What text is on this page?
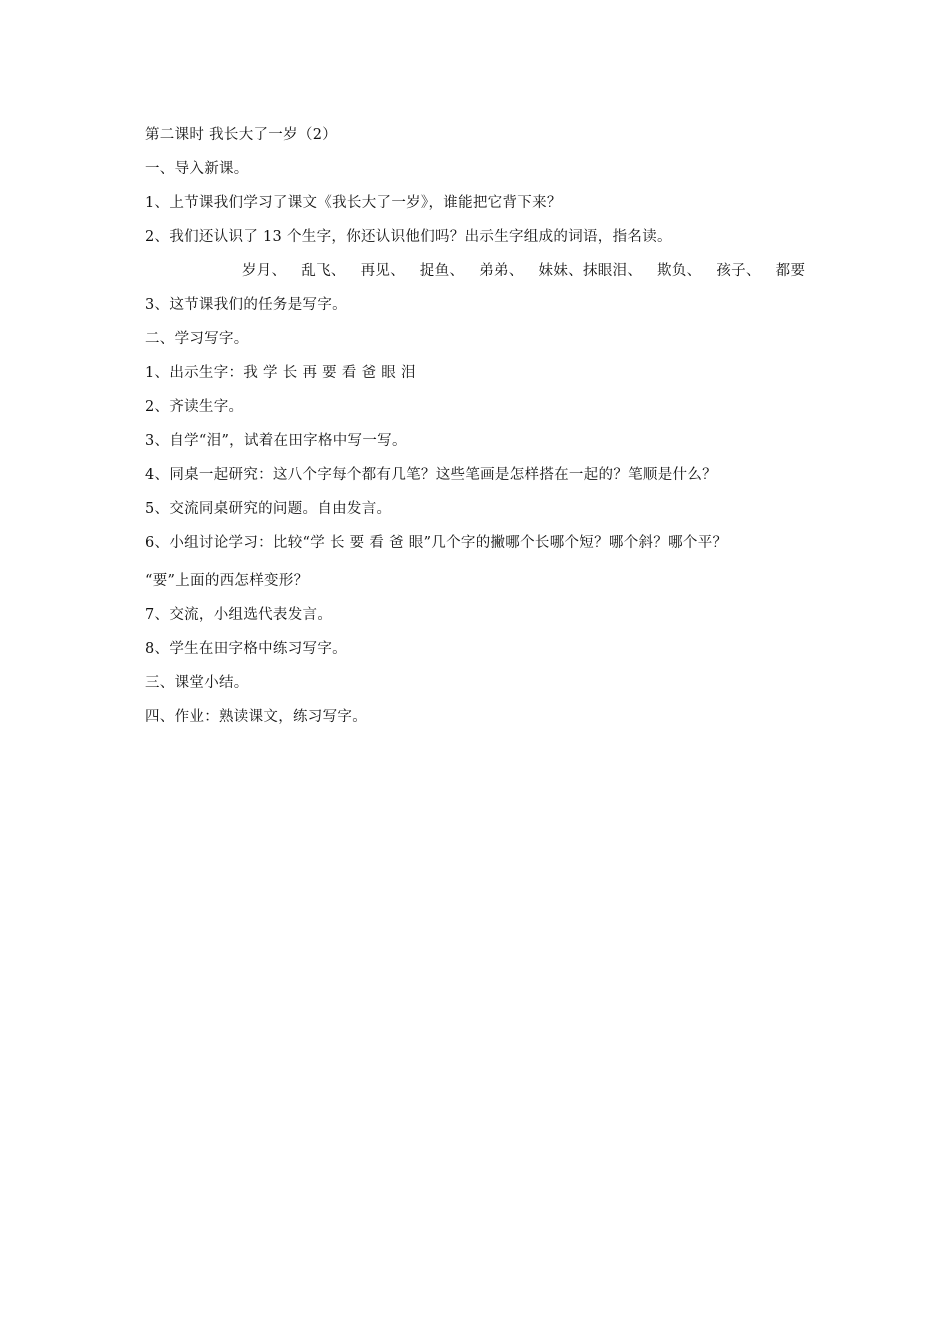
第二课时 我长大了一岁（2）
一、导入新课。
1、上节课我们学习了课文《我长大了一岁》，谁能把它背下来？
2、我们还认识了 13 个生字，你还认识他们吗？出示生字组成的词语，指名读。
岁月、 乱飞、 再见、 捉鱼、 弟弟、 妹妹、抹眼泪、 欺负、 孩子、 都要
3、这节课我们的任务是写字。
二、学习写字。
1、出示生字：我 学 长 再 要 看 爸 眼 泪
2、齐读生字。
3、自学“泪”，试着在田字格中写一写。
4、同桌一起研究：这八个字每个都有几笔？这些笔画是怎样搭在一起的？笔顺是什么？
5、交流同桌研究的问题。自由发言。
6、小组讨论学习：比较“学 长 要 看 爸 眼”几个字的撇哪个长哪个短？哪个斜？哪个平？
“要”上面的西怎样变形？
7、交流，小组选代表发言。
8、学生在田字格中练习写字。
三、课堂小结。
四、作业：熟读课文，练习写字。
